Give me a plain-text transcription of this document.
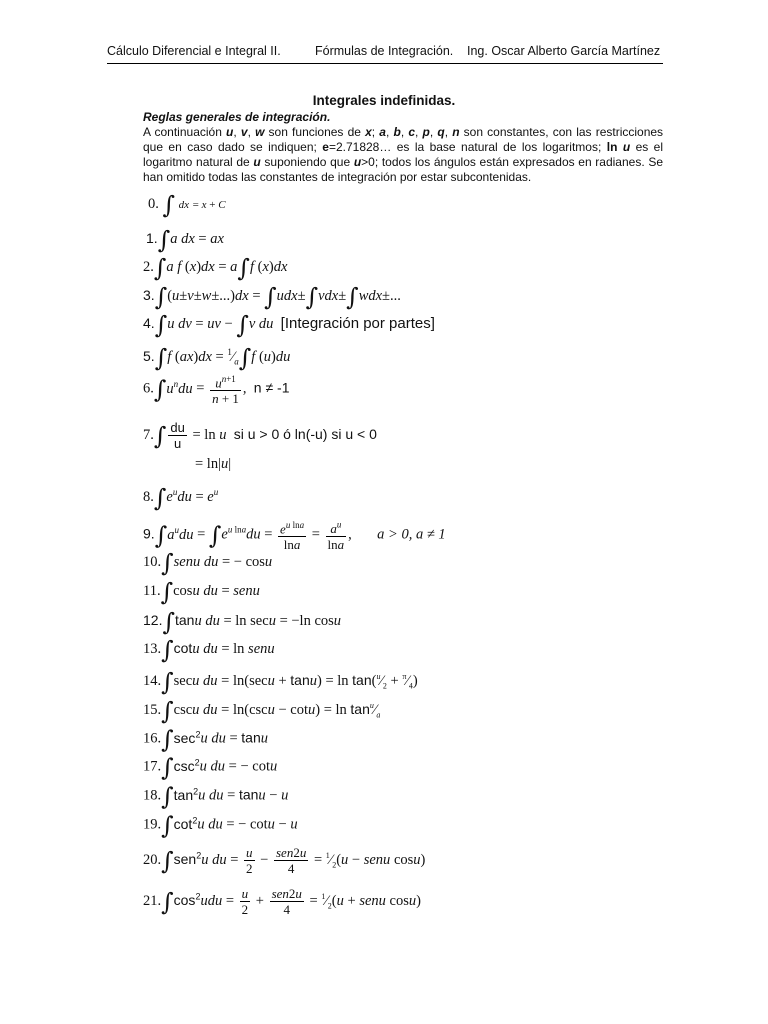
Cálculo Diferencial e Integral II.	Fórmulas de Integración. Ing. Oscar Alberto García Martínez
Integrales indefinidas.
Reglas generales de integración.

A continuación u, v, w son funciones de x; a, b, c, p, q, n son constantes, con las restricciones que en caso dado se indiquen; e=2.71828… es la base natural de los logaritmos; ln u es el logaritmo natural de u suponiendo que u>0; todos los ángulos están expresados en radianes. Se han omitido todas las constantes de integración por estar subcontenidas.

0. ∫ dx = x + C
1.∫a dx = ax
2.∫a f (x)dx = a∫f (x)dx
3.∫(u±v±w±...)dx = ∫udx±∫vdx±∫wdx±...
4.∫u dv = uv − ∫v du [Integración por partes]
5.∫f $(ax)dx = ^1⁄_a\int f$ (u)du
$6.\int u^ndu = \frac{u^{n+1}}{n + 1}$ ,  n ≠ -1
$7.\int \frac{du}{u} = \ln u$ si u > 0 ó ln(-u) si u < 0
= ln|u|
$8.\int e^udu = e^u$
$9.\int a^udu = \int e^{u lna}du = \frac{e^{u lna}}{\ln a} = \frac{a^u}{\ln a}$ ,       a > 0, a ≠ 1
10.∫senu du = − cosu
11.∫cosu du = senu
12.∫tanu du = ln secu = −ln cosu
13.∫cotu du = ln senu
14.∫secu du = $\ln(\sec u + \tan u) = \ln \tan(^u⁄_2$ + $^\pi⁄_4$)
15.∫cscu du = $\ln(\csc u - \cot u) = \ln \tan^u⁄_a$
$16.\int\sec^2u$ du = tanu
$17.\int\csc^2u$ du = − cotu
$18.\int\tan^2u$ du = tanu − u
$19.\int\cot^2u$ du = − cotu − u
20.∫sen$^2$u du = $\frac{u}{2} - \frac{\text{sen2u}}{4}$ = $^1⁄_2(u$ − senu cosu)
$21.\int\cos^2udu = \frac{u}{2} + \frac{\text{sen2u}}{4}$ = $^1⁄_2(u$ + senu cosu)
